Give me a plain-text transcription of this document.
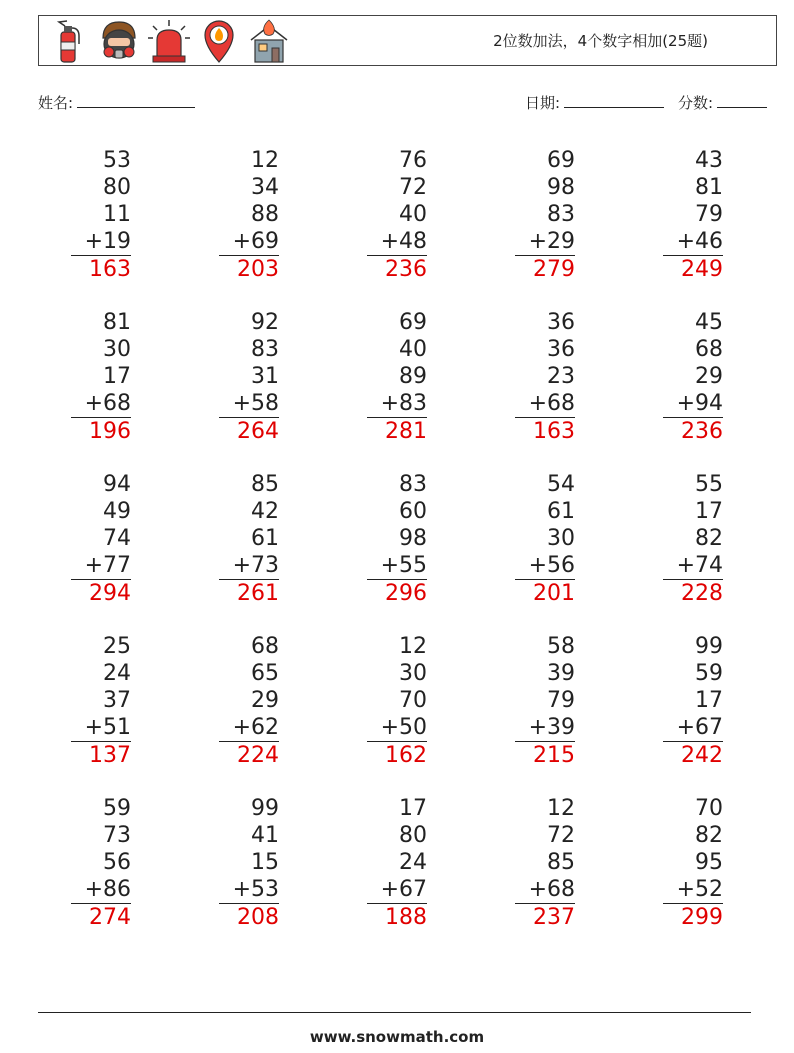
2位数加法，4个数字相加(25题)
姓名:	日期:	分数:
53
80
11
+19
163
12
34
88
+69
203
76
72
40
+48
236
69
98
83
+29
279
43
81
79
+46
249
81
30
17
+68
196
92
83
31
+58
264
69
40
89
+83
281
36
36
23
+68
163
45
68
29
+94
236
94
49
74
+77
294
85
42
61
+73
261
83
60
98
+55
296
54
61
30
+56
201
55
17
82
+74
228
25
24
37
+51
137
68
65
29
+62
224
12
30
70
+50
162
58
39
79
+39
215
99
59
17
+67
242
59
73
56
+86
274
99
41
15
+53
208
17
80
24
+67
188
12
72
85
+68
237
70
82
95
+52
299
www.snowmath.com
